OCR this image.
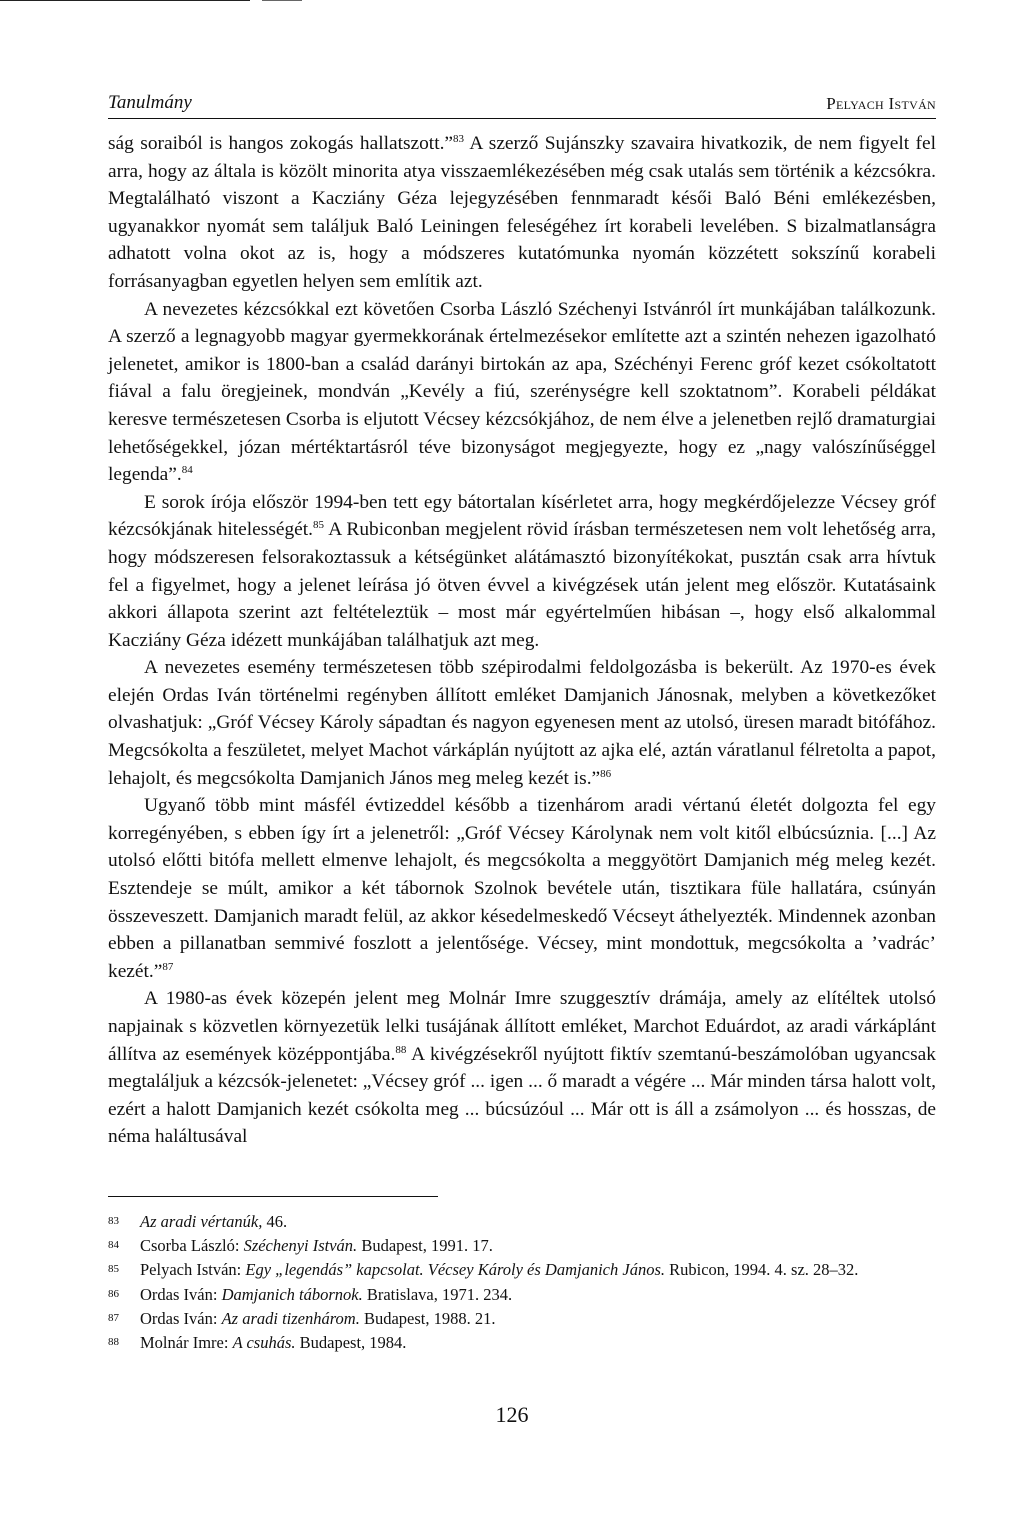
Tanulmány	Pelyach István

ság soraiból is hangos zokogás hallatszott.”$^{83}$ A szerző Sujánszky szavaira hivatkozik, de nem figyelt fel arra, hogy az általa is közölt minorita atya visszaemlékezésében még csak utalás sem történik a kézcsókra. Megtalálható viszont a Kacziány Géza lejegyzésében fennmaradt késői Baló Béni emlékezésben, ugyanakkor nyomát sem találjuk Baló Leiningen feleségéhez írt korabeli levelében. S bizalmatlanságra adhatott volna okot az is, hogy a módszeres kutatómunka nyomán közzétett sokszínű korabeli forrásanyagban egyetlen helyen sem említik azt.

A nevezetes kézcsókkal ezt követően Csorba László Széchenyi Istvánról írt munkájában találkozunk. A szerző a legnagyobb magyar gyermekkorának értelmezésekor említette azt a szintén nehezen igazolható jelenetet, amikor is 1800-ban a család darányi birtokán az apa, Széchényi Ferenc gróf kezet csókoltatott fiával a falu öregjeinek, mondván „Kevély a fiú, szerénységre kell szoktatnom”. Korabeli példákat keresve természetesen Csorba is eljutott Vécsey kézcsókjához, de nem élve a jelenetben rejlő dramaturgiai lehetőségekkel, józan mértéktartásról téve bizonyságot megjegyezte, hogy ez „nagy valószínűséggel legenda”.$^{84}$

E sorok írója először 1994-ben tett egy bátortalan kísérletet arra, hogy megkérdőjelezze Vécsey gróf kézcsókjának hitelességét.$^{85}$ A Rubiconban megjelent rövid írásban természetesen nem volt lehetőség arra, hogy módszeresen felsorakoztassuk a kétségünket alátámasztó bizonyítékokat, pusztán csak arra hívtuk fel a figyelmet, hogy a jelenet leírása jó ötven évvel a kivégzések után jelent meg először. Kutatásaink akkori állapota szerint azt feltételeztük – most már egyértelműen hibásan –, hogy első alkalommal Kacziány Géza idézett munkájában találhatjuk azt meg.

A nevezetes esemény természetesen több szépirodalmi feldolgozásba is bekerült. Az 1970-es évek elején Ordas Iván történelmi regényben állított emléket Damjanich Jánosnak, melyben a következőket olvashatjuk: „Gróf Vécsey Károly sápadtan és nagyon egyenesen ment az utolsó, üresen maradt bitófához. Megcsókolta a feszületet, melyet Machot várkáplán nyújtott az ajka elé, aztán váratlanul félretolta a papot, lehajolt, és megcsókolta Damjanich János meg meleg kezét is.”$^{86}$

Ugyanő több mint másfél évtizeddel később a tizenhárom aradi vértanú életét dolgozta fel egy korregényében, s ebben így írt a jelenetről: „Gróf Vécsey Károlynak nem volt kitől elbúcsúznia. [...] Az utolsó előtti bitófa mellett elmenve lehajolt, és megcsókolta a meggyötört Damjanich még meleg kezét. Esztendeje se múlt, amikor a két tábornok Szolnok bevétele után, tisztikara füle hallatára, csúnyán összeveszett. Damjanich maradt felül, az akkor késedelmeskedő Vécseyt áthelyezték. Mindennek azonban ebben a pillanatban semmivé foszlott a jelentősége. Vécsey, mint mondottuk, megcsókolta a ’vadrác’ kezét.”$^{87}$

A 1980-as évek közepén jelent meg Molnár Imre szuggesztív drámája, amely az elítéltek utolsó napjainak s közvetlen környezetük lelki tusájának állított emléket, Marchot Eduárdot, az aradi várkáplánt állítva az események középpontjába.$^{88}$ A kivégzésekről nyújtott fiktív szemtanú-beszámolóban ugyancsak megtaláljuk a kézcsók-jelenetet: „Vécsey gróf ... igen ... ő maradt a végére ... Már minden társa halott volt, ezért a halott Damjanich kezét csókolta meg ... búcsúzóul ... Már ott is áll a zsámolyon ... és hosszas, de néma haláltusával

83 Az aradi vértanúk, 46.

84 Csorba László: Széchenyi István. Budapest, 1991. 17.

85 Pelyach István: Egy „legendás” kapcsolat. Vécsey Károly és Damjanich János. Rubicon, 1994. 4. sz. 28–32.

86 Ordas Iván: Damjanich tábornok. Bratislava, 1971. 234.

87 Ordas Iván: Az aradi tizenhárom. Budapest, 1988. 21.

88 Molnár Imre: A csuhás. Budapest, 1984.

126
